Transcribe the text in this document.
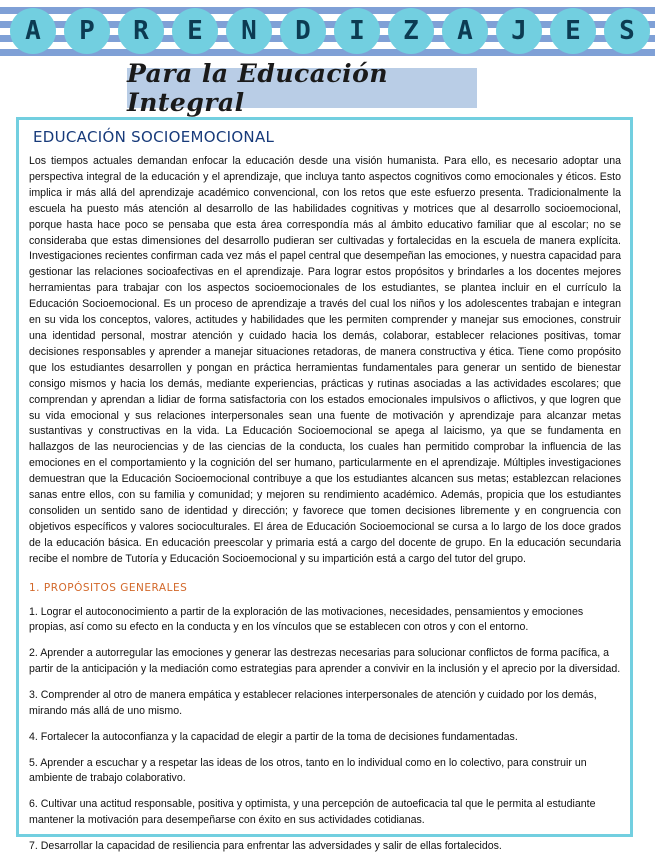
A	P	R	E	N	D	I	Z	A	J	E	S
Para la Educación Integral
EDUCACIÓN SOCIOEMOCIONAL

Los tiempos actuales demandan enfocar la educación desde una visión humanista. Para ello, es necesario adoptar una perspectiva integral de la educación y el aprendizaje, que incluya tanto aspectos cognitivos como emocionales y éticos. Esto implica ir más allá del aprendizaje académico convencional, con los retos que este esfuerzo presenta. Tradicionalmente la escuela ha puesto más atención al desarrollo de las habilidades cognitivas y motrices que al desarrollo socioemocional, porque hasta hace poco se pensaba que esta área correspondía más al ámbito educativo familiar que al escolar; no se consideraba que estas dimensiones del desarrollo pudieran ser cultivadas y fortalecidas en la escuela de manera explícita. Investigaciones recientes confirman cada vez más el papel central que desempeñan las emociones, y nuestra capacidad para gestionar las relaciones socioafectivas en el aprendizaje. Para lograr estos propósitos y brindarles a los docentes mejores herramientas para trabajar con los aspectos socioemocionales de los estudiantes, se plantea incluir en el currículo la Educación Socioemocional. Es un proceso de aprendizaje a través del cual los niños y los adolescentes trabajan e integran en su vida los conceptos, valores, actitudes y habilidades que les permiten comprender y manejar sus emociones, construir una identidad personal, mostrar atención y cuidado hacia los demás, colaborar, establecer relaciones positivas, tomar decisiones responsables y aprender a manejar situaciones retadoras, de manera constructiva y ética. Tiene como propósito que los estudiantes desarrollen y pongan en práctica herramientas fundamentales para generar un sentido de bienestar consigo mismos y hacia los demás, mediante experiencias, prácticas y rutinas asociadas a las actividades escolares; que comprendan y aprendan a lidiar de forma satisfactoria con los estados emocionales impulsivos o aflictivos, y que logren que su vida emocional y sus relaciones interpersonales sean una fuente de motivación y aprendizaje para alcanzar metas sustantivas y constructivas en la vida. La Educación Socioemocional se apega al laicismo, ya que se fundamenta en hallazgos de las neurociencias y de las ciencias de la conducta, los cuales han permitido comprobar la influencia de las emociones en el comportamiento y la cognición del ser humano, particularmente en el aprendizaje. Múltiples investigaciones demuestran que la Educación Socioemocional contribuye a que los estudiantes alcancen sus metas; establezcan relaciones sanas entre ellos, con su familia y comunidad; y mejoren su rendimiento académico. Además, propicia que los estudiantes consoliden un sentido sano de identidad y dirección; y favorece que tomen decisiones libremente y en congruencia con objetivos específicos y valores socioculturales. El área de Educación Socioemocional se cursa a lo largo de los doce grados de la educación básica. En educación preescolar y primaria está a cargo del docente de grupo. En la educación secundaria recibe el nombre de Tutoría y Educación Socioemocional y su impartición está a cargo del tutor del grupo.

1. PROPÓSITOS GENERALES
1. Lograr el autoconocimiento a partir de la exploración de las motivaciones, necesidades, pensamientos y emociones propias, así como su efecto en la conducta y en los vínculos que se establecen con otros y con el entorno.
2. Aprender a autorregular las emociones y generar las destrezas necesarias para solucionar conflictos de forma pacífica, a partir de la anticipación y la mediación como estrategias para aprender a convivir en la inclusión y el aprecio por la diversidad.
3. Comprender al otro de manera empática y establecer relaciones interpersonales de atención y cuidado por los demás, mirando más allá de uno mismo.
4. Fortalecer la autoconfianza y la capacidad de elegir a partir de la toma de decisiones fundamentadas.
5. Aprender a escuchar y a respetar las ideas de los otros, tanto en lo individual como en lo colectivo, para construir un ambiente de trabajo colaborativo.
6. Cultivar una actitud responsable, positiva y optimista, y una percepción de autoeficacia tal que le permita al estudiante mantener la motivación para desempeñarse con éxito en sus actividades cotidianas.
7. Desarrollar la capacidad de resiliencia para enfrentar las adversidades y salir de ellas fortalecidos.
